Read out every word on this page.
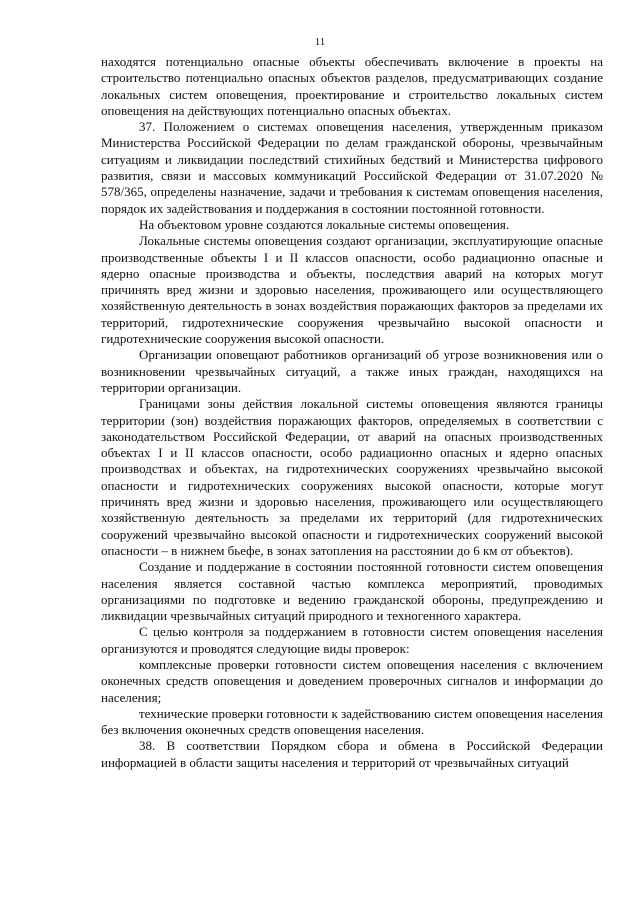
11

находятся потенциально опасные объекты обеспечивать включение в проекты на строительство потенциально опасных объектов разделов, предусматривающих создание локальных систем оповещения, проектирование и строительство локальных систем оповещения на действующих потенциально опасных объектах.

37. Положением о системах оповещения населения, утвержденным приказом Министерства Российской Федерации по делам гражданской обороны, чрезвычайным ситуациям и ликвидации последствий стихийных бедствий и Министерства цифрового развития, связи и массовых коммуникаций Российской Федерации от 31.07.2020 № 578/365, определены назначение, задачи и требования к системам оповещения населения, порядок их задействования и поддержания в состоянии постоянной готовности.

На объектовом уровне создаются локальные системы оповещения.

Локальные системы оповещения создают организации, эксплуатирующие опасные производственные объекты I и II классов опасности, особо радиационно опасные и ядерно опасные производства и объекты, последствия аварий на которых могут причинять вред жизни и здоровью населения, проживающего или осуществляющего хозяйственную деятельность в зонах воздействия поражающих факторов за пределами их территорий, гидротехнические сооружения чрезвычайно высокой опасности и гидротехнические сооружения высокой опасности.

Организации оповещают работников организаций об угрозе возникновения или о возникновении чрезвычайных ситуаций, а также иных граждан, находящихся на территории организации.

Границами зоны действия локальной системы оповещения являются границы территории (зон) воздействия поражающих факторов, определяемых в соответствии с законодательством Российской Федерации, от аварий на опасных производственных объектах I и II классов опасности, особо радиационно опасных и ядерно опасных производствах и объектах, на гидротехнических сооружениях чрезвычайно высокой опасности и гидротехнических сооружениях высокой опасности, которые могут причинять вред жизни и здоровью населения, проживающего или осуществляющего хозяйственную деятельность за пределами их территорий (для гидротехнических сооружений чрезвычайно высокой опасности и гидротехнических сооружений высокой опасности – в нижнем бьефе, в зонах затопления на расстоянии до 6 км от объектов).

Создание и поддержание в состоянии постоянной готовности систем оповещения населения является составной частью комплекса мероприятий, проводимых организациями по подготовке и ведению гражданской обороны, предупреждению и ликвидации чрезвычайных ситуаций природного и техногенного характера.

С целью контроля за поддержанием в готовности систем оповещения населения организуются и проводятся следующие виды проверок:

комплексные проверки готовности систем оповещения населения с включением оконечных средств оповещения и доведением проверочных сигналов и информации до населения;

технические проверки готовности к задействованию систем оповещения населения без включения оконечных средств оповещения населения.

38. В соответствии Порядком сбора и обмена в Российской Федерации информацией в области защиты населения и территорий от чрезвычайных ситуаций
